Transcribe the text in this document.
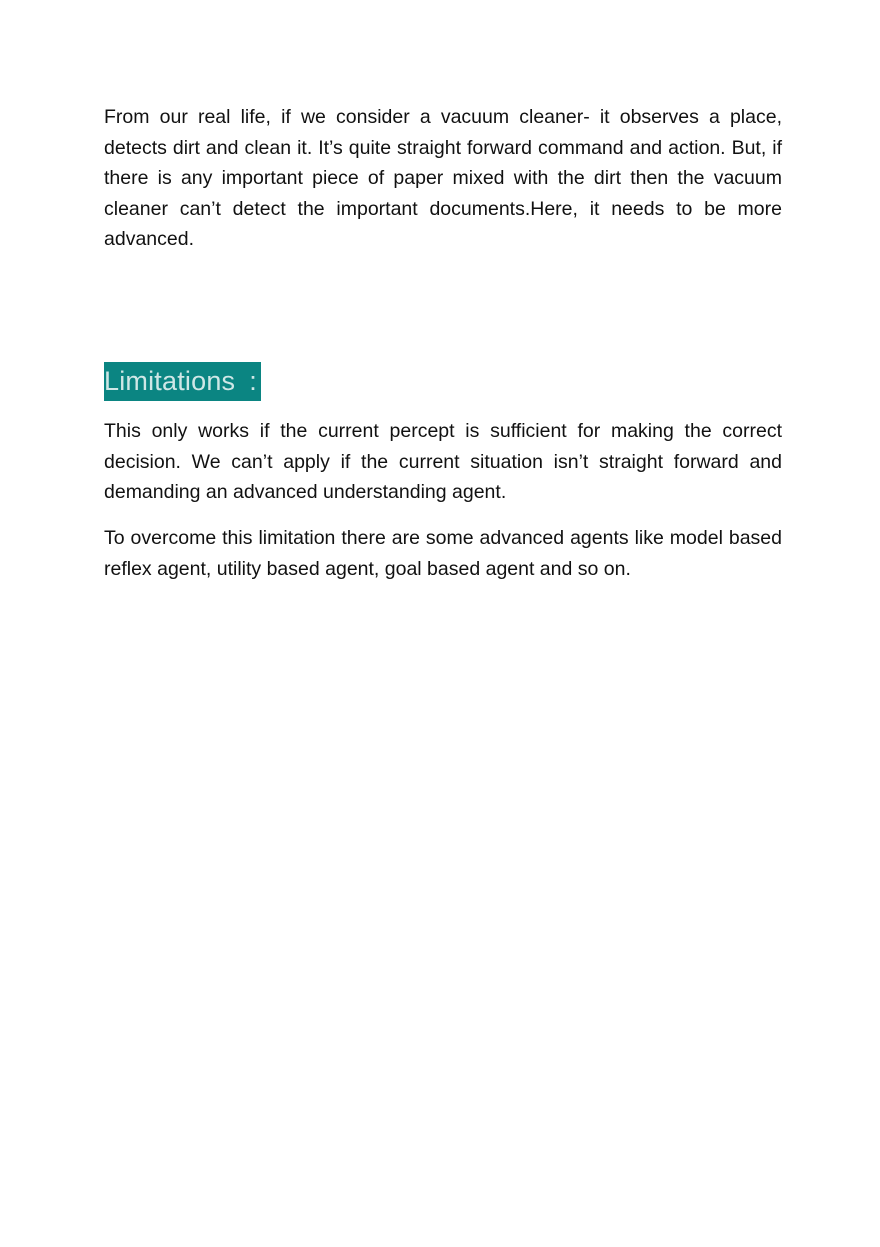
From our real life, if we consider a vacuum cleaner- it observes a place, detects dirt and clean it. It’s quite straight forward command and action. But, if there is any important piece of paper mixed with the dirt then the vacuum cleaner can’t detect the important documents.Here, it needs to be more advanced.

Limitations :

This only works if the current percept is sufficient for making the correct decision. We can’t apply if the current situation isn’t straight forward and demanding an advanced understanding agent.

To overcome this limitation there are some advanced agents like model based reflex agent, utility based agent, goal based agent and so on.
